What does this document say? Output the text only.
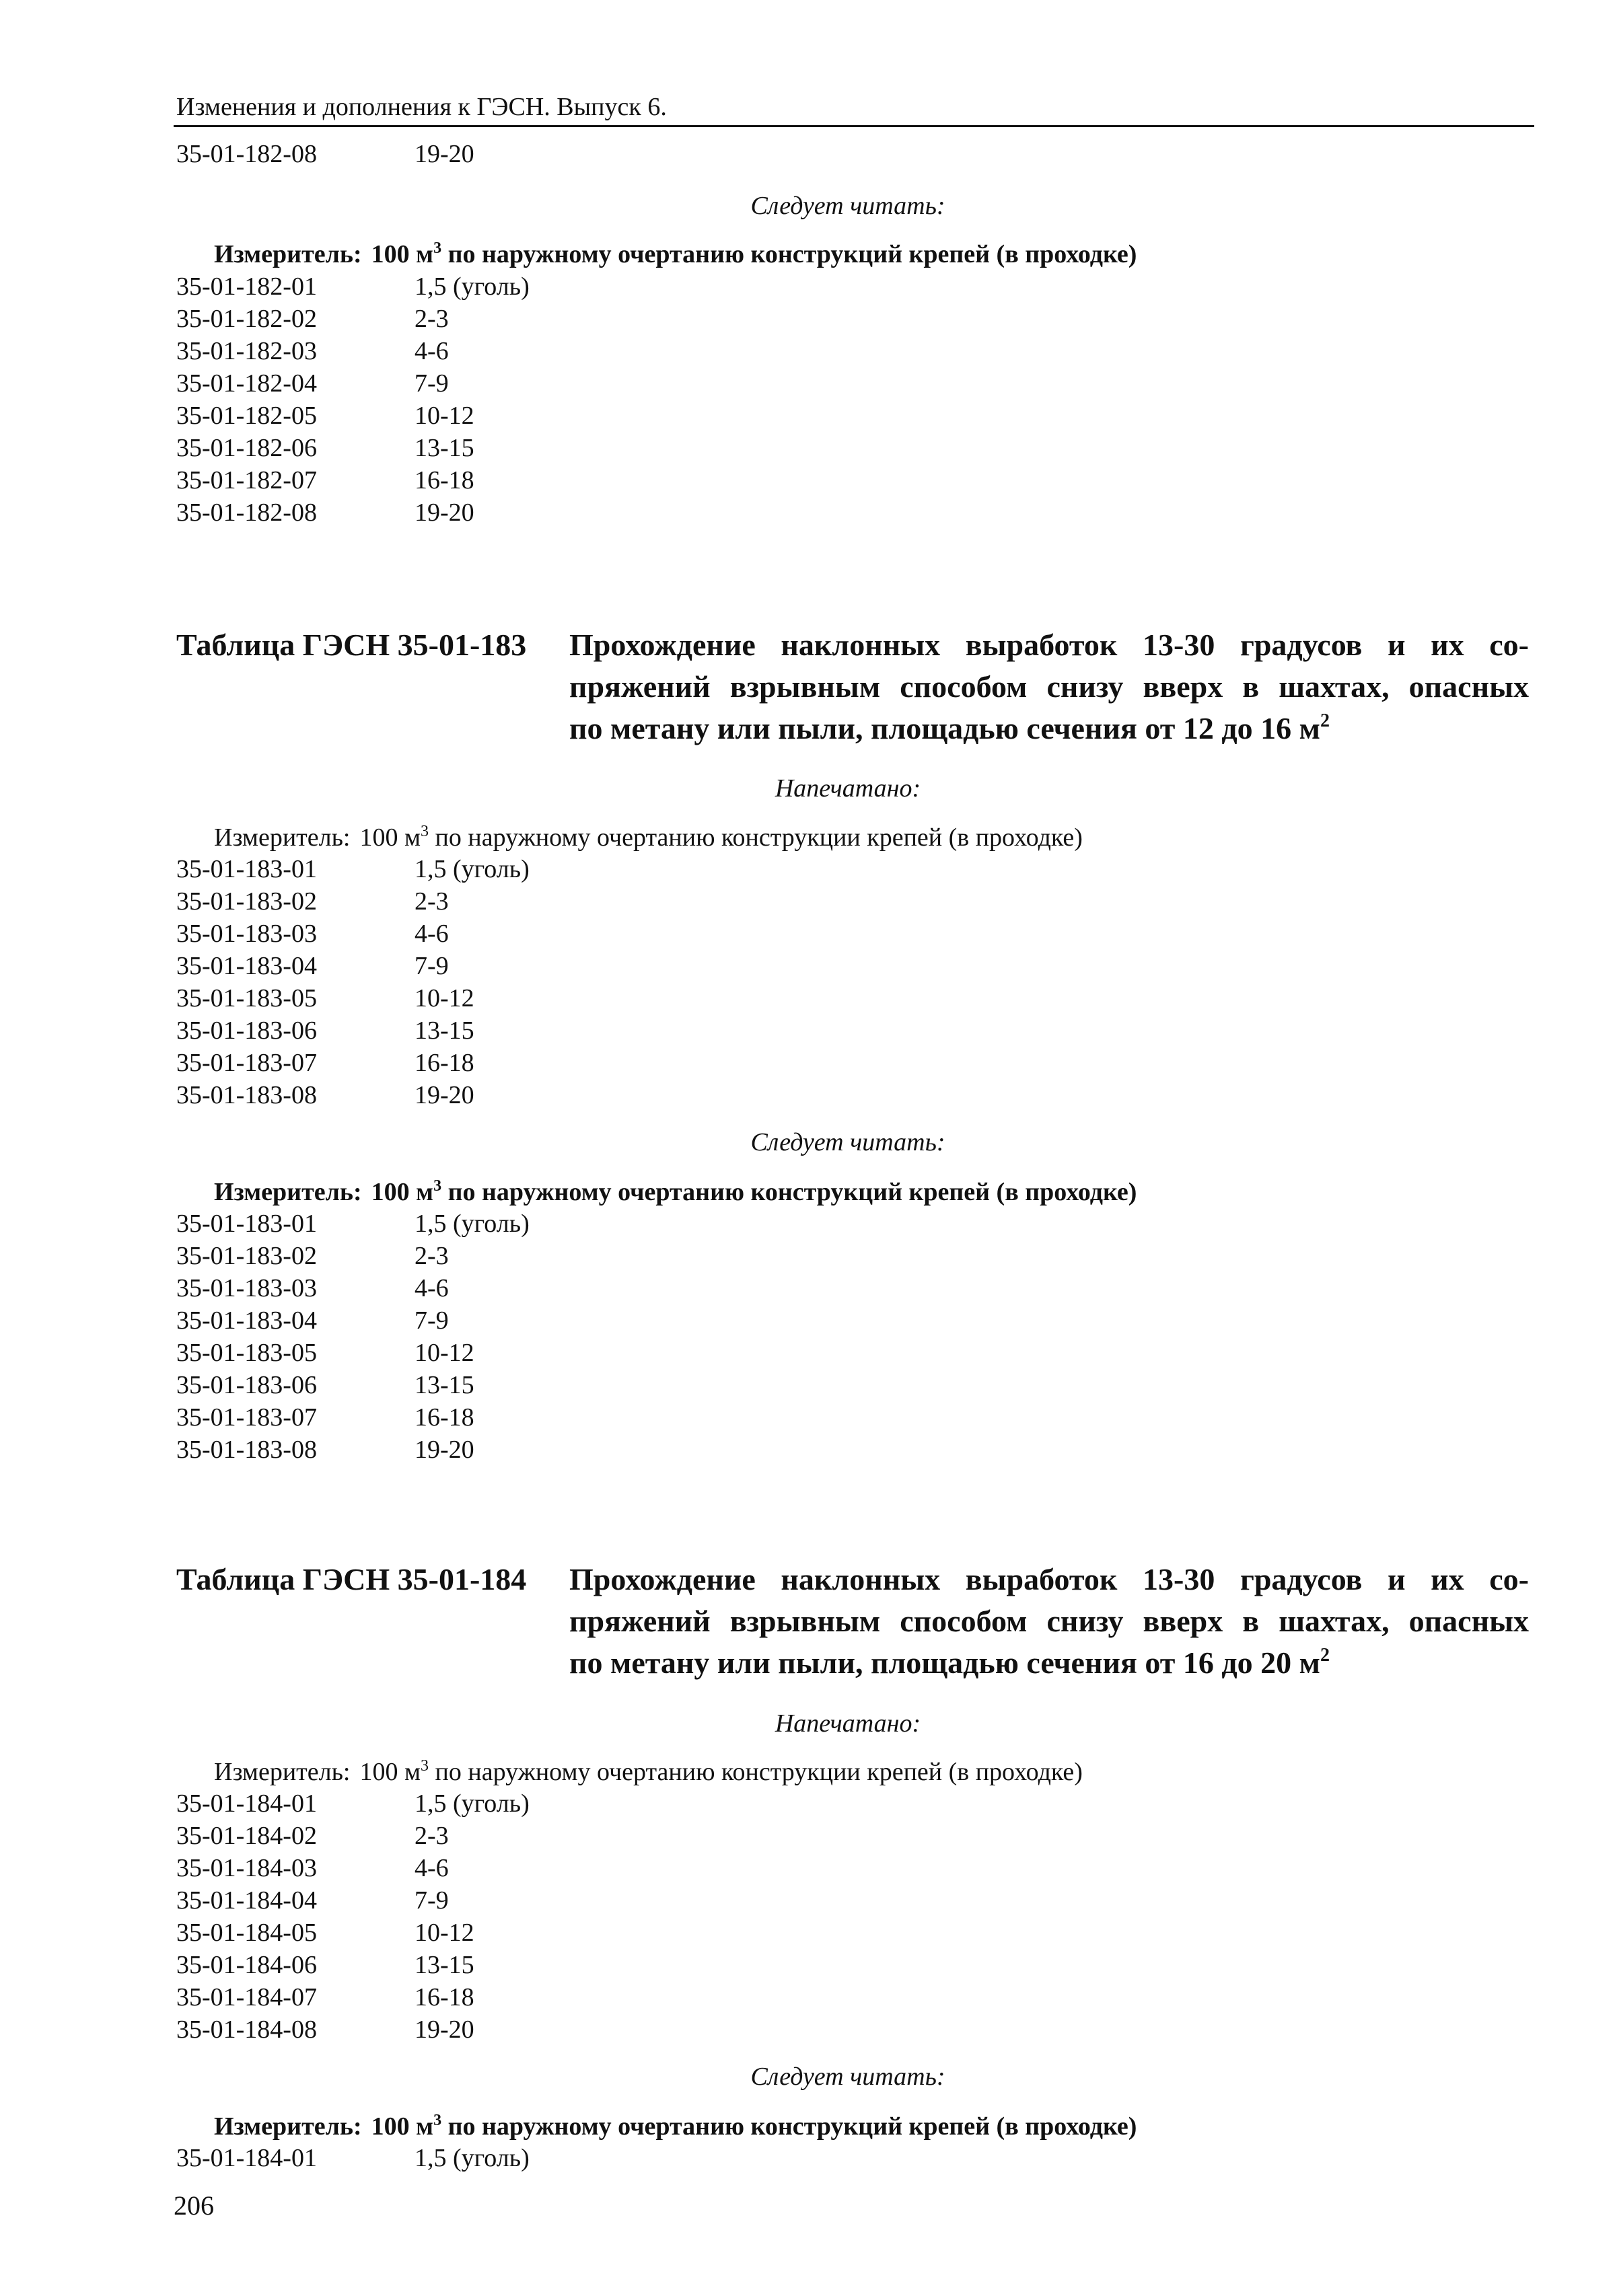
Изменения и дополнения к ГЭСН. Выпуск 6.
35-01-182-08	19-20
Следует читать:
Измеритель: 100 $м^3$ по наружному очертанию конструкций крепей (в проходке)
35-01-182-01	1,5 (уголь)
35-01-182-02	2-3
35-01-182-03	4-6
35-01-182-04	7-9
35-01-182-05	10-12
35-01-182-06	13-15
35-01-182-07	16-18
35-01-182-08	19-20
Таблица ГЭСН 35-01-183 Прохождение наклонных выработок 13-30 градусов и их со-
пряжений взрывным способом снизу вверх в шахтах, опасных
по метану или пыли, площадью сечения от 12 до 16 $м^2$
Напечатано:
Измеритель: 100 $м^3$ по наружному очертанию конструкции крепей (в проходке)
35-01-183-01	1,5 (уголь)
35-01-183-02	2-3
35-01-183-03	4-6
35-01-183-04	7-9
35-01-183-05	10-12
35-01-183-06	13-15
35-01-183-07	16-18
35-01-183-08	19-20
Следует читать:
Измеритель: 100 $м^3$ по наружному очертанию конструкций крепей (в проходке)
35-01-183-01	1,5 (уголь)
35-01-183-02	2-3
35-01-183-03	4-6
35-01-183-04	7-9
35-01-183-05	10-12
35-01-183-06	13-15
35-01-183-07	16-18
35-01-183-08	19-20
Таблица ГЭСН 35-01-184 Прохождение наклонных выработок 13-30 градусов и их со-
пряжений взрывным способом снизу вверх в шахтах, опасных
по метану или пыли, площадью сечения от 16 до 20 $м^2$
Напечатано:
Измеритель: 100 $м^3$ по наружному очертанию конструкции крепей (в проходке)
35-01-184-01	1,5 (уголь)
35-01-184-02	2-3
35-01-184-03	4-6
35-01-184-04	7-9
35-01-184-05	10-12
35-01-184-06	13-15
35-01-184-07	16-18
35-01-184-08	19-20
Следует читать:
Измеритель: 100 $м^3$ по наружному очертанию конструкций крепей (в проходке)
35-01-184-01	1,5 (уголь)
206
